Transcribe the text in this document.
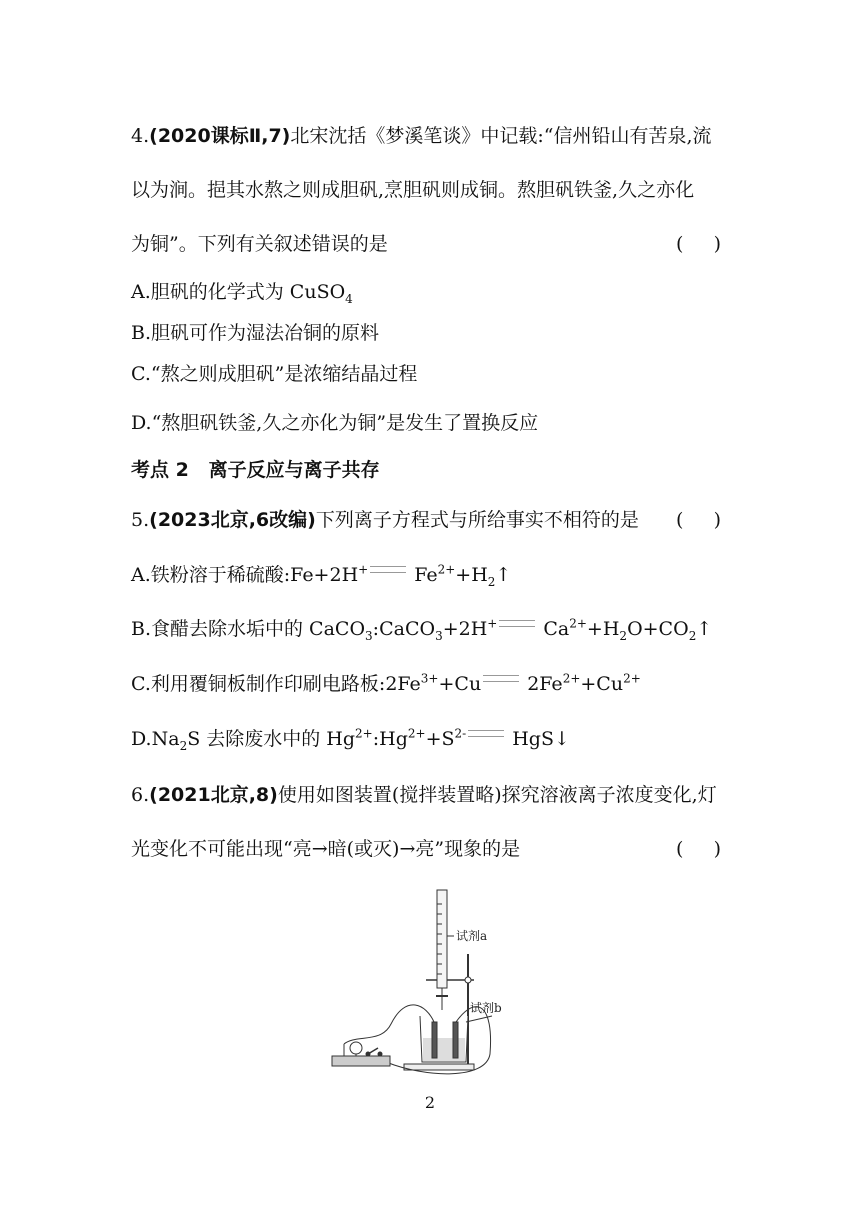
4.(2020课标Ⅱ,7)北宋沈括《梦溪笔谈》中记载:“信州铅山有苦泉,流
以为涧。挹其水熬之则成胆矾,烹胆矾则成铜。熬胆矾铁釜,久之亦化
为铜”。下列有关叙述错误的是	(     )
A.胆矾的化学式为 CuSO$_4$
B.胆矾可作为湿法冶铜的原料
C.“熬之则成胆矾”是浓缩结晶过程
D.“熬胆矾铁釜,久之亦化为铜”是发生了置换反应
考点 2   离子反应与离子共存
5.(2023北京,6改编)下列离子方程式与所给事实不相符的是 (     )
A.铁粉溶于稀硫酸:Fe+2H+ $Fe^{2+}+H_2↑$
B.食醋去除水垢中的 CaCO$_3$:CaCO$_3$+2H+ $Ca^{2+}+H_2O+CO_2↑$
C.利用覆铜板制作印刷电路板$:2Fe^{3+}+Cu$ $2Fe^{2+}+Cu^{2+}$
$D.Na_2S$ 去除废水中的 $Hg^{2+}:Hg^{2+}+S^{2-}$ HgS↓
6.(2021北京,8)使用如图装置(搅拌装置略)探究溶液离子浓度变化,灯
光变化不可能出现“亮→暗(或灭)→亮”现象的是	(     )
试剂a
试剂b
2
